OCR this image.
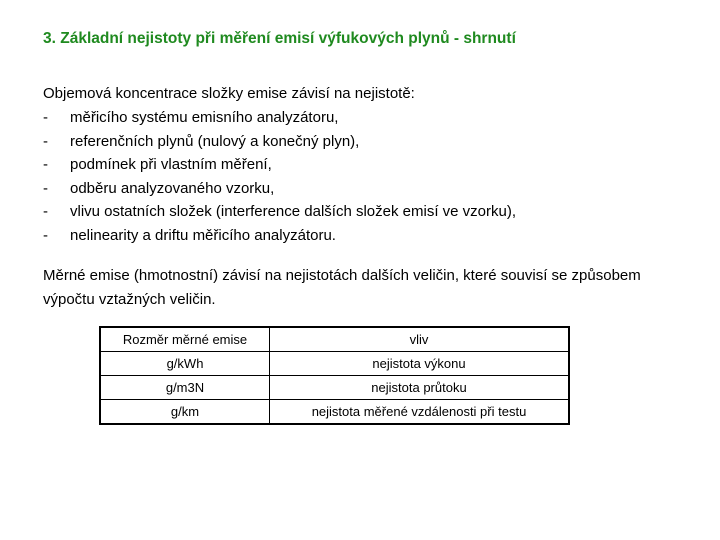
3. Základní nejistoty při měření emisí výfukových plynů - shrnutí
Objemová koncentrace složky emise závisí na nejistotě:
- měřicího systému emisního analyzátoru,
- referenčních plynů (nulový a konečný plyn),
- podmínek při vlastním měření,
- odběru analyzovaného vzorku,
- vlivu ostatních složek (interference dalších složek emisí ve vzorku),
- nelinearity a driftu měřicího analyzátoru.
Měrné emise (hmotnostní) závisí na nejistotách dalších veličin, které souvisí se způsobem výpočtu vztažných veličin.
Rozměr měrné emise	vliv
g/kWh	nejistota výkonu
g/m3N	nejistota průtoku
g/km	nejistota měřené vzdálenosti při testu
